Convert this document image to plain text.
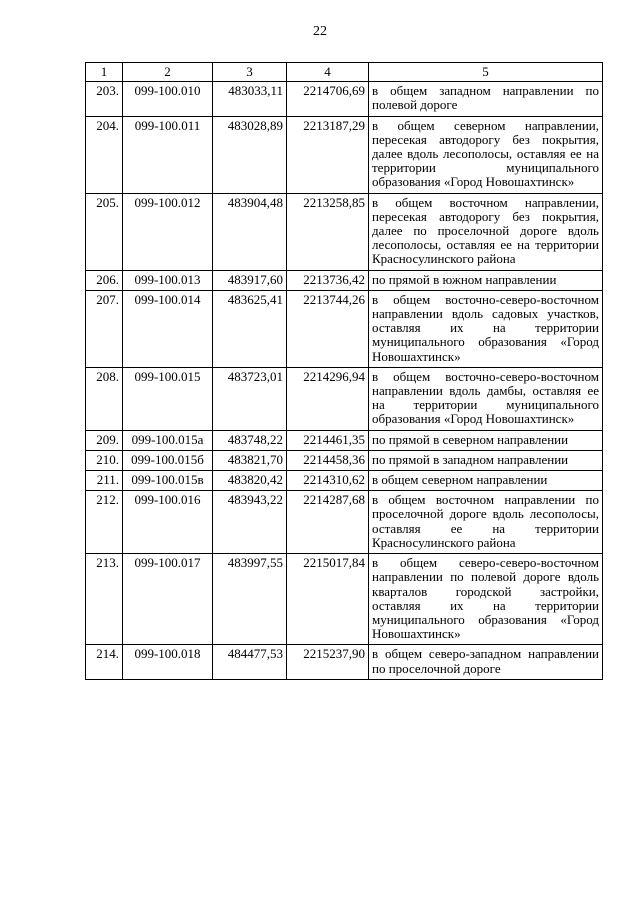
22
1	2	3	4	5
203.	099-100.010	483033,11	2214706,69	в общем западном направлении по полевой дороге
204.	099-100.011	483028,89	2213187,29	в общем северном направлении, пересекая автодорогу без покрытия, далее вдоль лесополосы, оставляя ее на территории муниципального образования «Город Новошахтинск»
205.	099-100.012	483904,48	2213258,85	в общем восточном направлении, пересекая автодорогу без покрытия, далее по проселочной дороге вдоль лесополосы, оставляя ее на территории Красносулинского района
206.	099-100.013	483917,60	2213736,42	по прямой в южном направлении
207.	099-100.014	483625,41	2213744,26	в общем восточно-северо-восточном направлении вдоль садовых участков, оставляя их на территории муниципального образования «Город Новошахтинск»
208.	099-100.015	483723,01	2214296,94	в общем восточно-северо-восточном направлении вдоль дамбы, оставляя ее на территории муниципального образования «Город Новошахтинск»
209.	099-100.015а	483748,22	2214461,35	по прямой в северном направлении
210.	099-100.015б	483821,70	2214458,36	по прямой в западном направлении
211.	099-100.015в	483820,42	2214310,62	в общем северном направлении
212.	099-100.016	483943,22	2214287,68	в общем восточном направлении по проселочной дороге вдоль лесополосы, оставляя ее на территории Красносулинского района
213.	099-100.017	483997,55	2215017,84	в общем северо-северо-восточном направлении по полевой дороге вдоль кварталов городской застройки, оставляя их на территории муниципального образования «Город Новошахтинск»
214.	099-100.018	484477,53	2215237,90	в общем северо-западном направлении по проселочной дороге
